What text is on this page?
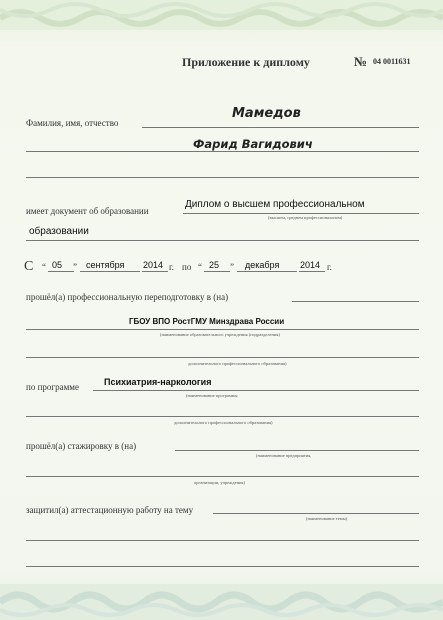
Приложение к диплому	№ 04 0011631
Фамилия, имя, отчество
Мамедов
Фарид Вагидович
имеет документ об образовании
Диплом о высшем профессиональном
(высшем, среднем профессиональном)
образовании
С “ 05 ” сентября 2014 г. по “ 25 ” декабря 2014 г.
прошёл(а) профессиональную переподготовку в (на)
ГБОУ ВПО РостГМУ Минздрава России
(наименование образовательного учреждения (подразделения)
дополнительного профессионального образования)
по программе	Психиатрия-наркология
(наименование программы
дополнительного профессионального образования)
прошёл(а) стажировку в (на)
(наименование предприятия,
организации, учреждения)
защитил(а) аттестационную работу на тему
(наименование темы)
